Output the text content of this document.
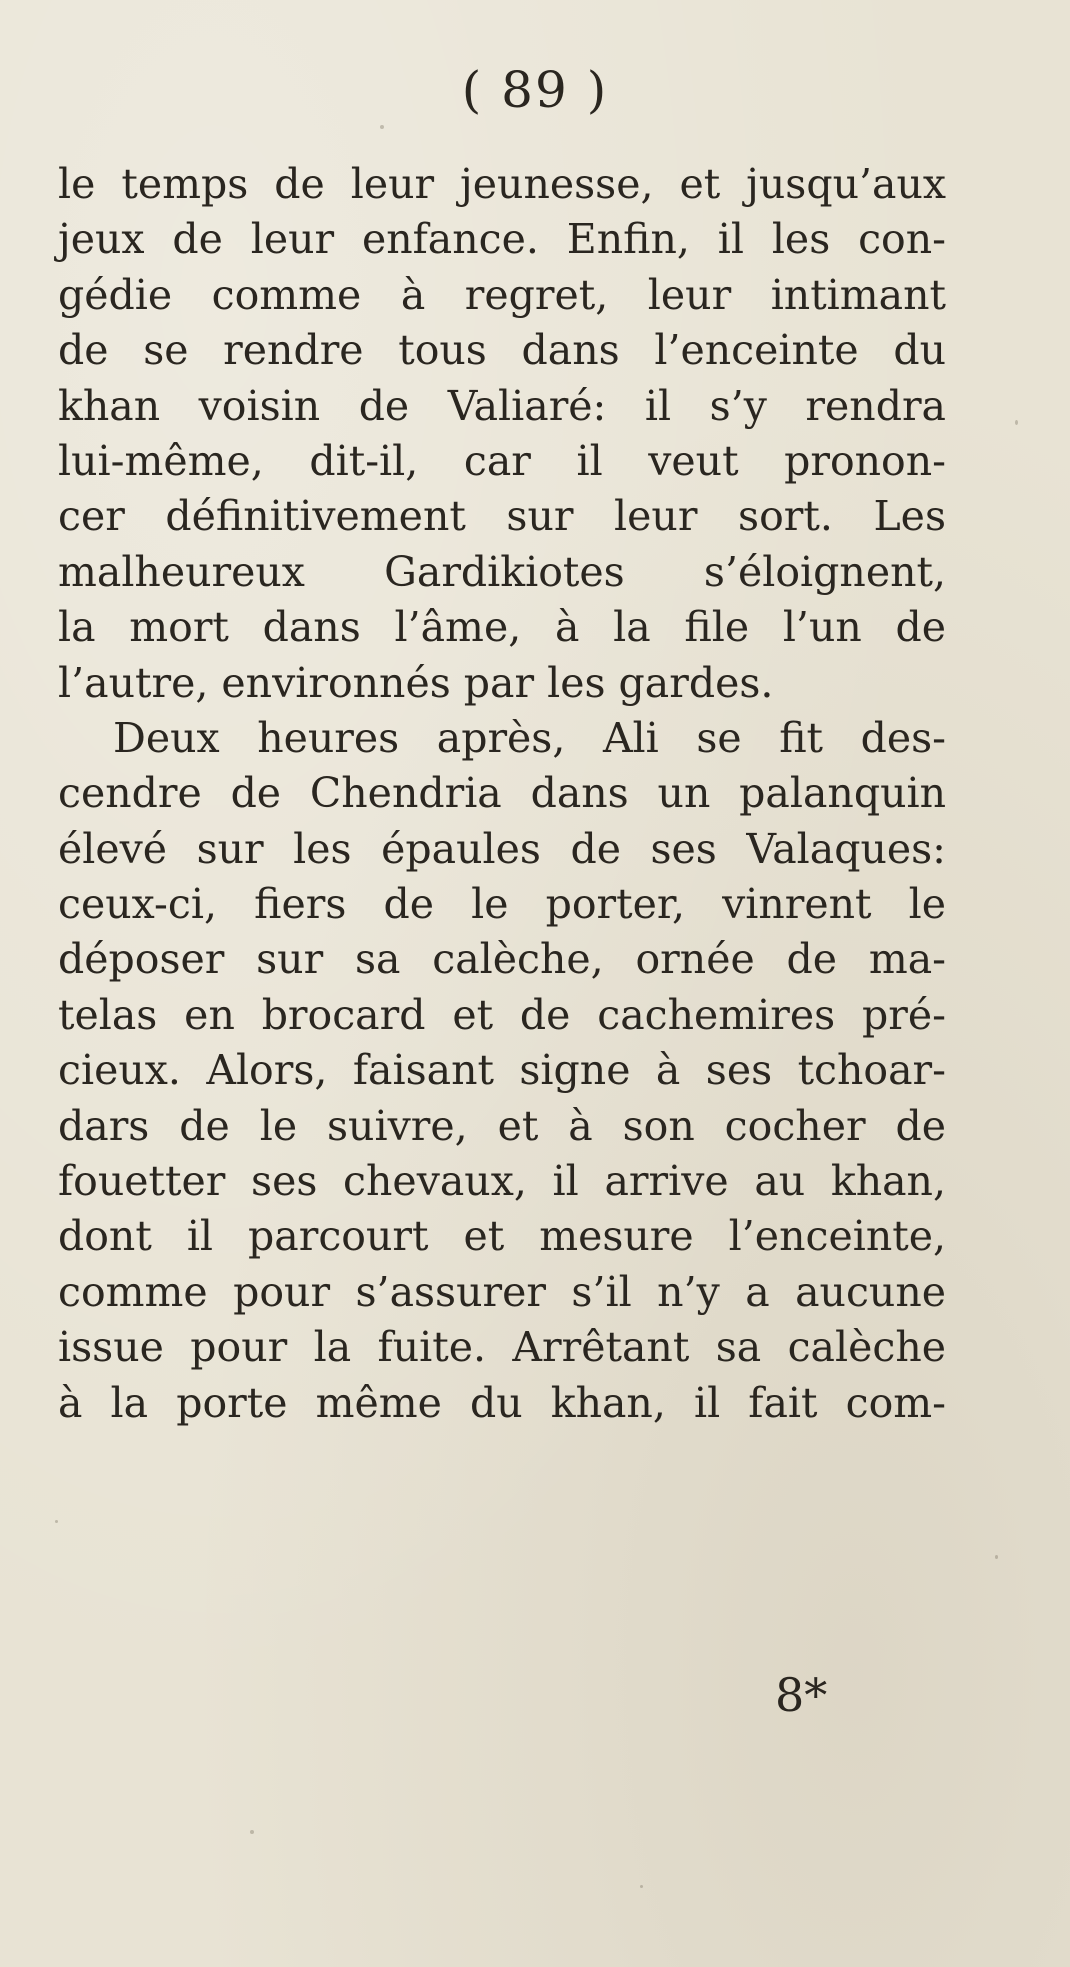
( 89 )
le temps de leur jeunesse, et jusqu’aux
jeux de leur enfance. Enfin, il les con-
gédie comme à regret, leur intimant
de se rendre tous dans l’enceinte du
khan voisin de Valiaré: il s’y rendra
lui-même, dit-il, car il veut pronon-
cer définitivement sur leur sort. Les
malheureux Gardikiotes s’éloignent,
la mort dans l’âme, à la file l’un de
l’autre, environnés par les gardes.
Deux heures après, Ali se fit des-
cendre de Chendria dans un palanquin
élevé sur les épaules de ses Valaques:
ceux-ci, fiers de le porter, vinrent le
déposer sur sa calèche, ornée de ma-
telas en brocard et de cachemires pré-
cieux. Alors, faisant signe à ses tchoar-
dars de le suivre, et à son cocher de
fouetter ses chevaux, il arrive au khan,
dont il parcourt et mesure l’enceinte,
comme pour s’assurer s’il n’y a aucune
issue pour la fuite. Arrêtant sa calèche
à la porte même du khan, il fait com-
8*
